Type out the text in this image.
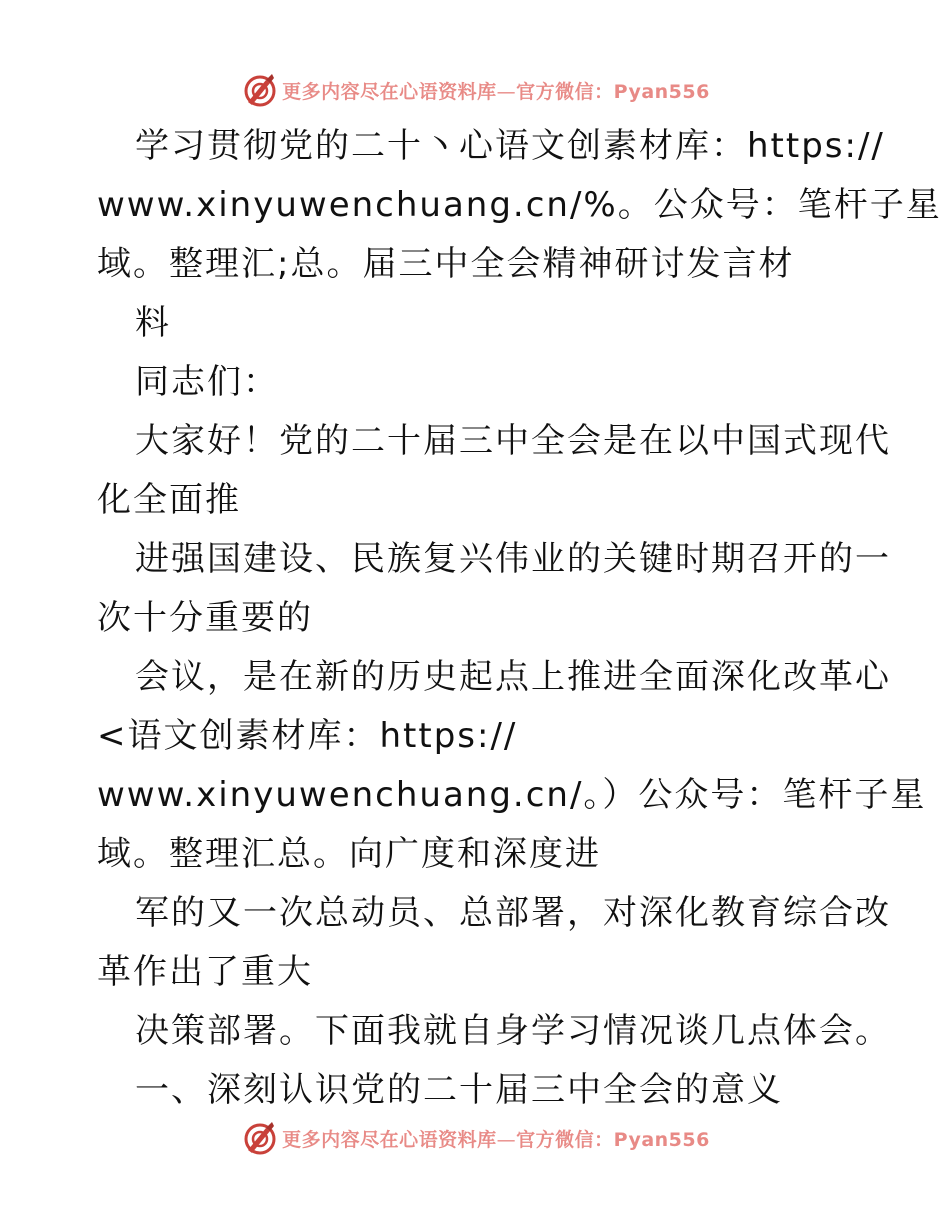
更多内容尽在心语资料库—官方微信：Pyan556
学习贯彻党的二十丶心语文创素材库：https://
www.xinyuwenchuang.cn/%。公众号：笔杆子星
域。整理汇;总。届三中全会精神研讨发言材
料
同志们：
大家好！党的二十届三中全会是在以中国式现代
化全面推
进强国建设、民族复兴伟业的关键时期召开的一
次十分重要的
会议，是在新的历史起点上推进全面深化改革心
<语文创素材库：https://
www.xinyuwenchuang.cn/。）公众号：笔杆子星
域。整理汇总。向广度和深度进
军的又一次总动员、总部署，对深化教育综合改
革作出了重大
决策部署。下面我就自身学习情况谈几点体会。
一、深刻认识党的二十届三中全会的意义
更多内容尽在心语资料库—官方微信：Pyan556
